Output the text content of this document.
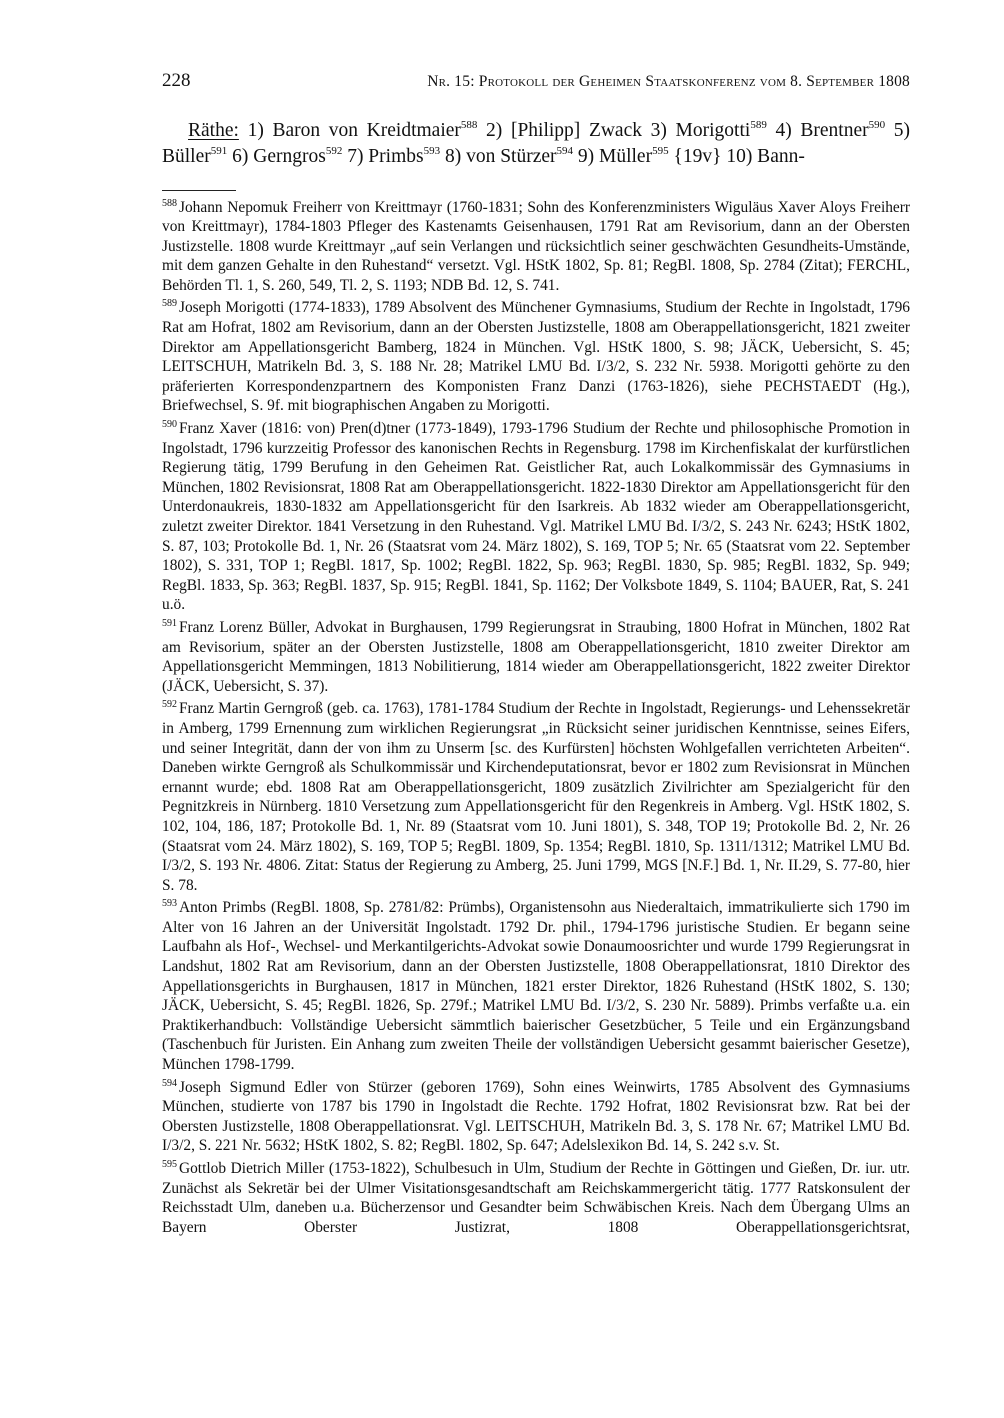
228	Nr. 15: Protokoll der Geheimen Staatskonferenz vom 8. September 1808

Räthe: 1) Baron von Kreidtmaier$^{588}$ 2) [Philipp] Zwack 3) Morigotti$^{589}$ 4) Brentner$^{590}$ 5) Büller$^{591}$ 6) Gerngros$^{592}$ 7) Primbs$^{593}$ 8) von Stürzer$^{594}$ 9) Müller$^{595}$ {19v} 10) Bann-

$^{588}$ Johann Nepomuk Freiherr von Kreittmayr (1760-1831; Sohn des Konferenzministers Wiguläus Xaver Aloys Freiherr von Kreittmayr), 1784-1803 Pfleger des Kastenamts Geisenhausen, 1791 Rat am Revisorium, dann an der Obersten Justizstelle. 1808 wurde Kreittmayr „auf sein Verlangen und rücksichtlich seiner geschwächten Gesundheits-Umstände, mit dem ganzen Gehalte in den Ruhestand“ versetzt. Vgl. HStK 1802, Sp. 81; RegBl. 1808, Sp. 2784 (Zitat); FERCHL, Behörden Tl. 1, S. 260, 549, Tl. 2, S. 1193; NDB Bd. 12, S. 741.

$^{589}$ Joseph Morigotti (1774-1833), 1789 Absolvent des Münchener Gymnasiums, Studium der Rechte in Ingolstadt, 1796 Rat am Hofrat, 1802 am Revisorium, dann an der Obersten Justizstelle, 1808 am Oberappellationsgericht, 1821 zweiter Direktor am Appellationsgericht Bamberg, 1824 in München. Vgl. HStK 1800, S. 98; JÄCK, Uebersicht, S. 45; LEITSCHUH, Matrikeln Bd. 3, S. 188 Nr. 28; Matrikel LMU Bd. I/3/2, S. 232 Nr. 5938. Morigotti gehörte zu den präferierten Korrespondenzpartnern des Komponisten Franz Danzi (1763-1826), siehe PECHSTAEDT (Hg.), Briefwechsel, S. 9f. mit biographischen Angaben zu Morigotti.

$^{590}$ Franz Xaver (1816: von) Pren(d)tner (1773-1849), 1793-1796 Studium der Rechte und philosophische Promotion in Ingolstadt, 1796 kurzzeitig Professor des kanonischen Rechts in Regensburg. 1798 im Kirchenfiskalat der kurfürstlichen Regierung tätig, 1799 Berufung in den Geheimen Rat. Geistlicher Rat, auch Lokalkommissär des Gymnasiums in München, 1802 Revisionsrat, 1808 Rat am Oberappellationsgericht. 1822-1830 Direktor am Appellationsgericht für den Unterdonaukreis, 1830-1832 am Appellationsgericht für den Isarkreis. Ab 1832 wieder am Oberappellationsgericht, zuletzt zweiter Direktor. 1841 Versetzung in den Ruhestand. Vgl. Matrikel LMU Bd. I/3/2, S. 243 Nr. 6243; HStK 1802, S. 87, 103; Protokolle Bd. 1, Nr. 26 (Staatsrat vom 24. März 1802), S. 169, TOP 5; Nr. 65 (Staatsrat vom 22. September 1802), S. 331, TOP 1; RegBl. 1817, Sp. 1002; RegBl. 1822, Sp. 963; RegBl. 1830, Sp. 985; RegBl. 1832, Sp. 949; RegBl. 1833, Sp. 363; RegBl. 1837, Sp. 915; RegBl. 1841, Sp. 1162; Der Volksbote 1849, S. 1104; BAUER, Rat, S. 241 u.ö.

$^{591}$ Franz Lorenz Büller, Advokat in Burghausen, 1799 Regierungsrat in Straubing, 1800 Hofrat in München, 1802 Rat am Revisorium, später an der Obersten Justizstelle, 1808 am Oberappellationsgericht, 1810 zweiter Direktor am Appellationsgericht Memmingen, 1813 Nobilitierung, 1814 wieder am Oberappellationsgericht, 1822 zweiter Direktor (JÄCK, Uebersicht, S. 37).

$^{592}$ Franz Martin Gerngroß (geb. ca. 1763), 1781-1784 Studium der Rechte in Ingolstadt, Regierungs- und Lehenssekretär in Amberg, 1799 Ernennung zum wirklichen Regierungsrat „in Rücksicht seiner juridischen Kenntnisse, seines Eifers, und seiner Integrität, dann der von ihm zu Unserm [sc. des Kurfürsten] höchsten Wohlgefallen verrichteten Arbeiten“. Daneben wirkte Gerngroß als Schulkommissär und Kirchendeputationsrat, bevor er 1802 zum Revisionsrat in München ernannt wurde; ebd. 1808 Rat am Oberappellationsgericht, 1809 zusätzlich Zivilrichter am Spezialgericht für den Pegnitzkreis in Nürnberg. 1810 Versetzung zum Appellationsgericht für den Regenkreis in Amberg. Vgl. HStK 1802, S. 102, 104, 186, 187; Protokolle Bd. 1, Nr. 89 (Staatsrat vom 10. Juni 1801), S. 348, TOP 19; Protokolle Bd. 2, Nr. 26 (Staatsrat vom 24. März 1802), S. 169, TOP 5; RegBl. 1809, Sp. 1354; RegBl. 1810, Sp. 1311/1312; Matrikel LMU Bd. I/3/2, S. 193 Nr. 4806. Zitat: Status der Regierung zu Amberg, 25. Juni 1799, MGS [N.F.] Bd. 1, Nr. II.29, S. 77-80, hier S. 78.

$^{593}$ Anton Primbs (RegBl. 1808, Sp. 2781/82: Prümbs), Organistensohn aus Niederaltaich, immatrikulierte sich 1790 im Alter von 16 Jahren an der Universität Ingolstadt. 1792 Dr. phil., 1794-1796 juristische Studien. Er begann seine Laufbahn als Hof-, Wechsel- und Merkantilgerichts-Advokat sowie Donaumoosrichter und wurde 1799 Regierungsrat in Landshut, 1802 Rat am Revisorium, dann an der Obersten Justizstelle, 1808 Oberappellationsrat, 1810 Direktor des Appellationsgerichts in Burghausen, 1817 in München, 1821 erster Direktor, 1826 Ruhestand (HStK 1802, S. 130; JÄCK, Uebersicht, S. 45; RegBl. 1826, Sp. 279f.; Matrikel LMU Bd. I/3/2, S. 230 Nr. 5889). Primbs verfaßte u.a. ein Praktikerhandbuch: Vollständige Uebersicht sämmtlich baierischer Gesetzbücher, 5 Teile und ein Ergänzungsband (Taschenbuch für Juristen. Ein Anhang zum zweiten Theile der vollständigen Uebersicht gesammt baierischer Gesetze), München 1798-1799.

$^{594}$ Joseph Sigmund Edler von Stürzer (geboren 1769), Sohn eines Weinwirts, 1785 Absolvent des Gymnasiums München, studierte von 1787 bis 1790 in Ingolstadt die Rechte. 1792 Hofrat, 1802 Revisionsrat bzw. Rat bei der Obersten Justizstelle, 1808 Oberappellationsrat. Vgl. LEITSCHUH, Matrikeln Bd. 3, S. 178 Nr. 67; Matrikel LMU Bd. I/3/2, S. 221 Nr. 5632; HStK 1802, S. 82; RegBl. 1802, Sp. 647; Adelslexikon Bd. 14, S. 242 s.v. St.

$^{595}$ Gottlob Dietrich Miller (1753-1822), Schulbesuch in Ulm, Studium der Rechte in Göttingen und Gießen, Dr. iur. utr. Zunächst als Sekretär bei der Ulmer Visitationsgesandtschaft am Reichskammergericht tätig. 1777 Ratskonsulent der Reichsstadt Ulm, daneben u.a. Bücherzensor und Gesandter beim Schwäbischen Kreis. Nach dem Übergang Ulms an Bayern Oberster Justizrat, 1808 Oberappellationsgerichtsrat,
